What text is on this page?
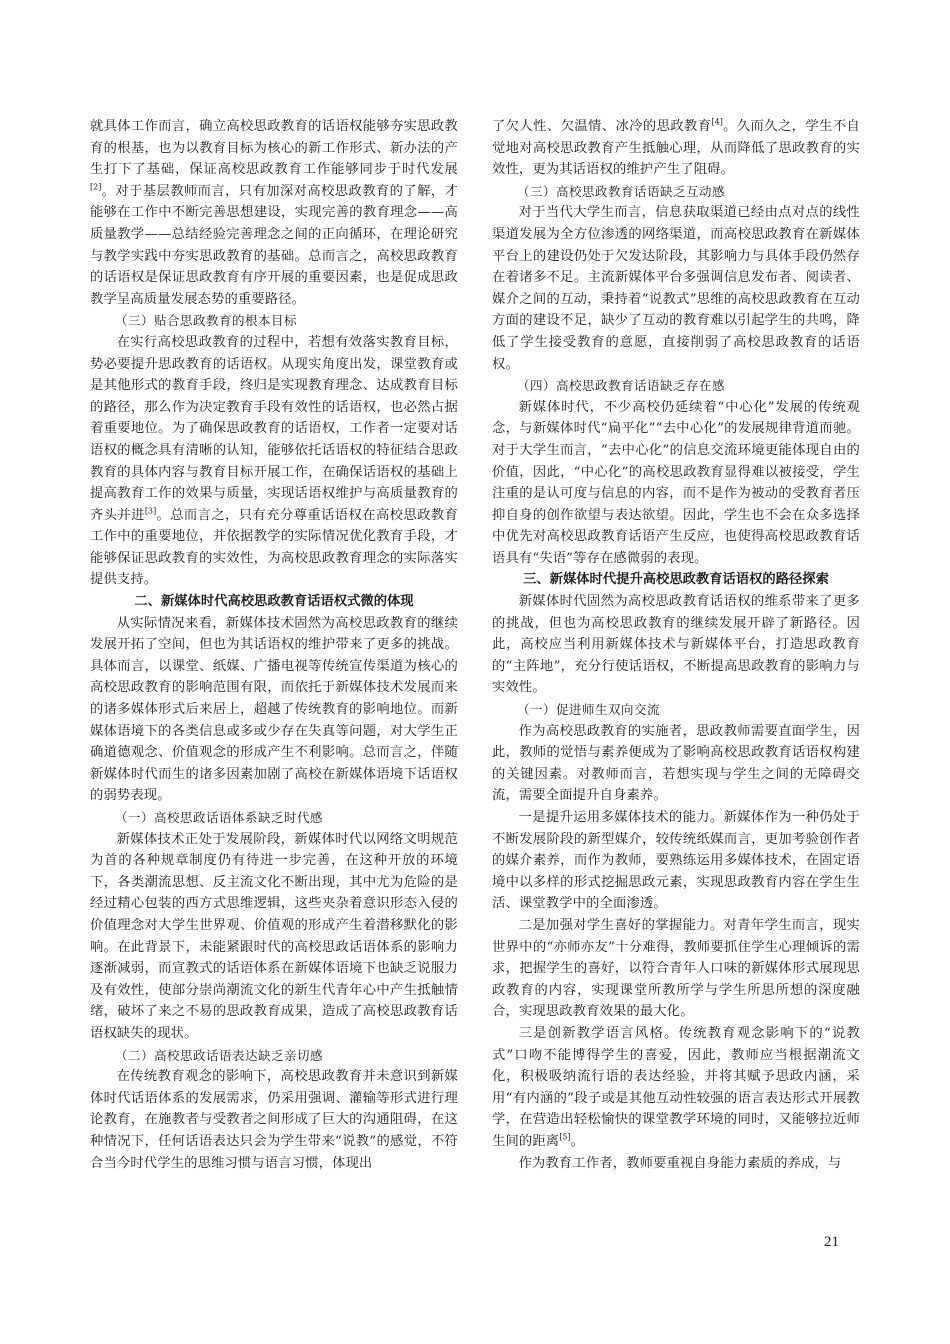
就具体工作而言，确立高校思政教育的话语权能够夯实思政教育的根基，也为以教育目标为核心的新工作形式、新办法的产生打下了基础，保证高校思政教育工作能够同步于时代发展[2]。对于基层教师而言，只有加深对高校思政教育的了解，才能够在工作中不断完善思想建设，实现完善的教育理念——高质量教学——总结经验完善理念之间的正向循环，在理论研究与教学实践中夯实思政教育的基础。总而言之，高校思政教育的话语权是保证思政教育有序开展的重要因素，也是促成思政教学呈高质量发展态势的重要路径。

（三）贴合思政教育的根本目标

在实行高校思政教育的过程中，若想有效落实教育目标，势必要提升思政教育的话语权。从现实角度出发，课堂教育或是其他形式的教育手段，终归是实现教育理念、达成教育目标的路径，那么作为决定教育手段有效性的话语权，也必然占据着重要地位。为了确保思政教育的话语权，工作者一定要对话语权的概念具有清晰的认知，能够依托话语权的特征结合思政教育的具体内容与教育目标开展工作，在确保话语权的基础上提高教育工作的效果与质量，实现话语权维护与高质量教育的齐头并进[3]。总而言之，只有充分尊重话语权在高校思政教育工作中的重要地位，并依据教学的实际情况优化教育手段，才能够保证思政教育的实效性，为高校思政教育理念的实际落实提供支持。

二、新媒体时代高校思政教育话语权式微的体现

从实际情况来看，新媒体技术固然为高校思政教育的继续发展开拓了空间，但也为其话语权的维护带来了更多的挑战。具体而言，以课堂、纸媒、广播电视等传统宣传渠道为核心的高校思政教育的影响范围有限，而依托于新媒体技术发展而来的诸多媒体形式后来居上，超越了传统教育的影响地位。而新媒体语境下的各类信息或多或少存在失真等问题，对大学生正确道德观念、价值观念的形成产生不利影响。总而言之，伴随新媒体时代而生的诸多因素加剧了高校在新媒体语境下话语权的弱势表现。

（一）高校思政话语体系缺乏时代感

新媒体技术正处于发展阶段，新媒体时代以网络文明规范为首的各种规章制度仍有待进一步完善，在这种开放的环境下，各类潮流思想、反主流文化不断出现，其中尤为危险的是经过精心包装的西方式思维逻辑，这些夹杂着意识形态入侵的价值理念对大学生世界观、价值观的形成产生着潜移默化的影响。在此背景下，未能紧跟时代的高校思政话语体系的影响力逐渐减弱，而宣教式的话语体系在新媒体语境下也缺乏说服力及有效性，使部分崇尚潮流文化的新生代青年心中产生抵触情绪，破坏了来之不易的思政教育成果，造成了高校思政教育话语权缺失的现状。

（二）高校思政话语表达缺乏亲切感

在传统教育观念的影响下，高校思政教育并未意识到新媒体时代话语体系的发展需求，仍采用强调、灌输等形式进行理论教育，在施教者与受教者之间形成了巨大的沟通阻碍，在这种情况下，任何话语表达只会为学生带来“说教”的感觉，不符合当今时代学生的思维习惯与语言习惯，体现出

了欠人性、欠温情、冰冷的思政教育[4]。久而久之，学生不自觉地对高校思政教育产生抵触心理，从而降低了思政教育的实效性，更为其话语权的维护产生了阻碍。

（三）高校思政教育话语缺乏互动感

对于当代大学生而言，信息获取渠道已经由点对点的线性渠道发展为全方位渗透的网络渠道，而高校思政教育在新媒体平台上的建设仍处于欠发达阶段，其影响力与具体手段仍然存在着诸多不足。主流新媒体平台多强调信息发布者、阅读者、媒介之间的互动，秉持着“说教式”思维的高校思政教育在互动方面的建设不足，缺少了互动的教育难以引起学生的共鸣，降低了学生接受教育的意愿，直接削弱了高校思政教育的话语权。

（四）高校思政教育话语缺乏存在感

新媒体时代，不少高校仍延续着“中心化”发展的传统观念，与新媒体时代“扁平化”“去中心化”的发展规律背道而驰。对于大学生而言，“去中心化”的信息交流环境更能体现自由的价值，因此，“中心化”的高校思政教育显得难以被接受，学生注重的是认可度与信息的内容，而不是作为被动的受教育者压抑自身的创作欲望与表达欲望。因此，学生也不会在众多选择中优先对高校思政教育话语产生反应，也使得高校思政教育话语具有“失语”等存在感微弱的表现。

三、新媒体时代提升高校思政教育话语权的路径探索

新媒体时代固然为高校思政教育话语权的维系带来了更多的挑战，但也为高校思政教育的继续发展开辟了新路径。因此，高校应当利用新媒体技术与新媒体平台，打造思政教育的“主阵地”，充分行使话语权，不断提高思政教育的影响力与实效性。

（一）促进师生双向交流

作为高校思政教育的实施者，思政教师需要直面学生，因此，教师的觉悟与素养便成为了影响高校思政教育话语权构建的关键因素。对教师而言，若想实现与学生之间的无障碍交流，需要全面提升自身素养。

一是提升运用多媒体技术的能力。新媒体作为一种仍处于不断发展阶段的新型媒介，较传统纸媒而言，更加考验创作者的媒介素养，而作为教师，要熟练运用多媒体技术，在固定语境中以多样的形式挖掘思政元素，实现思政教育内容在学生生活、课堂教学中的全面渗透。

二是加强对学生喜好的掌握能力。对青年学生而言，现实世界中的“亦师亦友”十分难得，教师要抓住学生心理倾诉的需求，把握学生的喜好，以符合青年人口味的新媒体形式展现思政教育的内容，实现课堂所教所学与学生所思所想的深度融合，实现思政教育效果的最大化。

三是创新教学语言风格。传统教育观念影响下的“说教式”口吻不能博得学生的喜爱，因此，教师应当根据潮流文化，积极吸纳流行语的表达经验，并将其赋予思政内涵，采用“有内涵的”段子或是其他互动性较强的语言表达形式开展教学，在营造出轻松愉快的课堂教学环境的同时，又能够拉近师生间的距离[5]。

作为教育工作者，教师要重视自身能力素质的养成，与

21
